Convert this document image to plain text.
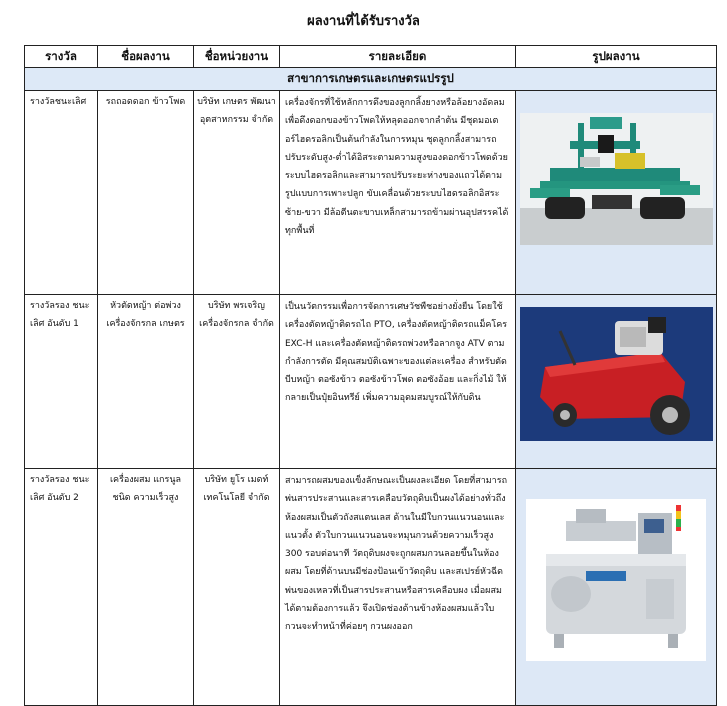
ผลงานที่ได้รับรางวัล
รางวัล	ชื่อผลงาน	ชื่อหน่วยงาน	รายละเอียด	รูปผลงาน
สาขาการเกษตรและเกษตรแปรรูป				
รางวัลชนะเลิศ	รถถอดดอก ข้าวโพด	บริษัท เกษตร พัฒนา อุตสาหกรรม จำกัด	เครื่องจักรที่ใช้หลักการดึงของลูกกลิ้งยางหรือล้อยางอัดลมเพื่อดึงดอกของข้าวโพดให้หลุดออกจากลำต้น มีชุดมอเตอร์ไฮดรอลิกเป็นต้นกำลังในการหมุน ชุดลูกกลิ้งสามารถปรับระดับสูง-ต่ำได้อิสระตามความสูงของดอกข้าวโพดด้วยระบบไฮดรอลิกและสามารถปรับระยะห่างของแถวได้ตามรูปแบบการเพาะปลูก ขับเคลื่อนด้วยระบบไฮดรอลิกอิสระซ้าย-ขวา มีล้อตีนตะขาบเหล็กสามารถข้ามผ่านอุปสรรคได้ทุกพื้นที่	

รางวัลรอง ชนะเลิศ อันดับ 1	หัวตัดหญ้า ต่อพ่วง เครื่องจักรกล เกษตร	บริษัท พรเจริญ เครื่องจักรกล จำกัด	เป็นนวัตกรรมเพื่อการจัดการเศษวัชพืชอย่างยั่งยืน โดยใช้เครื่องตัดหญ้าติดรถไถ PTO, เครื่องตัดหญ้าติดรถแม็คโคร EXC-H และเครื่องตัดหญ้าติดรถพ่วงหรือลากจูง ATV ตามกำลังการตัด มีคุณสมบัติเฉพาะของแต่ละเครื่อง สำหรับตัดบีบหญ้า ตอซังข้าว ตอซังข้าวโพด ตอซังอ้อย และกิ่งไม้ ให้กลายเป็นปุ๋ยอินทรีย์ เพิ่มความอุดมสมบูรณ์ให้กับดิน	

รางวัลรอง ชนะเลิศ อันดับ 2	เครื่องผสม แกรนูลชนิด ความเร็วสูง	บริษัท ยูโร เมดท์ เทคโนโลยี จำกัด	สามารถผสมของแข็งลักษณะเป็นผงละเอียด โดยที่สามารถพ่นสารประสานและสารเคลือบวัตถุดิบเป็นผงได้อย่างทั่วถึง ห้องผสมเป็นตัวถังสแตนเลส ด้านในมีใบกวนแนวนอนและแนวตั้ง ตัวใบกวนแนวนอนจะหมุนกวนด้วยความเร็วสูง 300 รอบต่อนาที วัตถุดิบผงจะถูกผสมกวนลอยขึ้นในห้องผสม โดยที่ด้านบนมีช่องป้อนเข้าวัตถุดิบ และสเปรย์หัวฉีดพ่นของเหลวที่เป็นสารประสานหรือสารเคลือบผง เมื่อผสมได้ตามต้องการแล้ว จึงเปิดช่องด้านข้างห้องผสมแล้วใบกวนจะทำหน้าที่ค่อยๆ กวนผงออก	
